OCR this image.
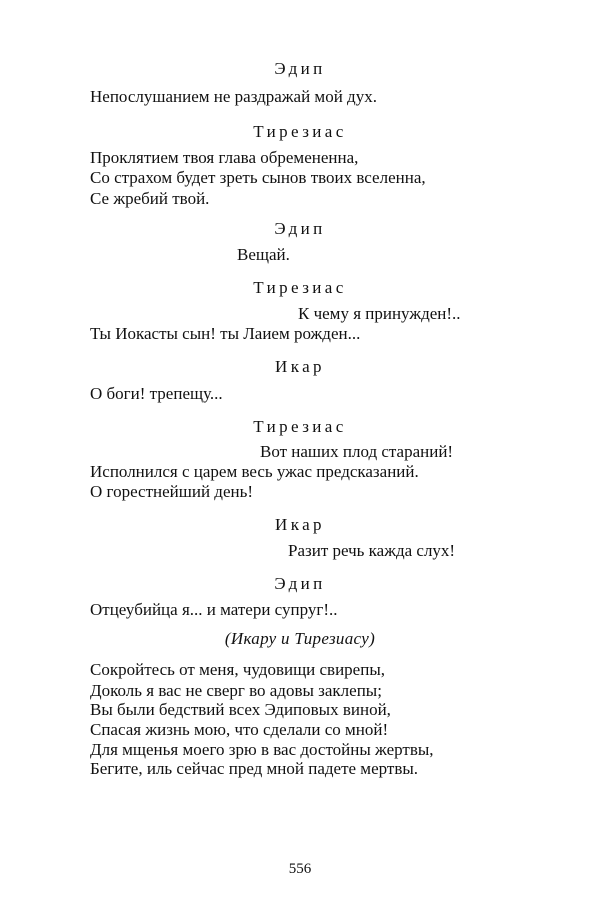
Эдип
Непослушанием не раздражай мой дух.
Тирезиас
Проклятием твоя глава обремененна,
Со страхом будет зреть сынов твоих вселенна,
Се жребий твой.
Эдип
Вещай.
Тирезиас
К чему я принужден!..
Ты Иокасты сын! ты Лаием рожден...
Икар
О боги! трепещу...
Тирезиас
Вот наших плод стараний!
Исполнился с царем весь ужас предсказаний.
О горестнейший день!
Икар
Разит речь кажда слух!
Эдип
Отцеубийца я... и матери супруг!..
(Икару и Тирезиасу)
Сокройтесь от меня, чудовищи свирепы,
Доколь я вас не сверг во адовы заклепы;
Вы были бедствий всех Эдиповых виной,
Спасая жизнь мою, что сделали со мной!
Для мщенья моего зрю в вас достойны жертвы,
Бегите, иль сейчас пред мной падете мертвы.
556
